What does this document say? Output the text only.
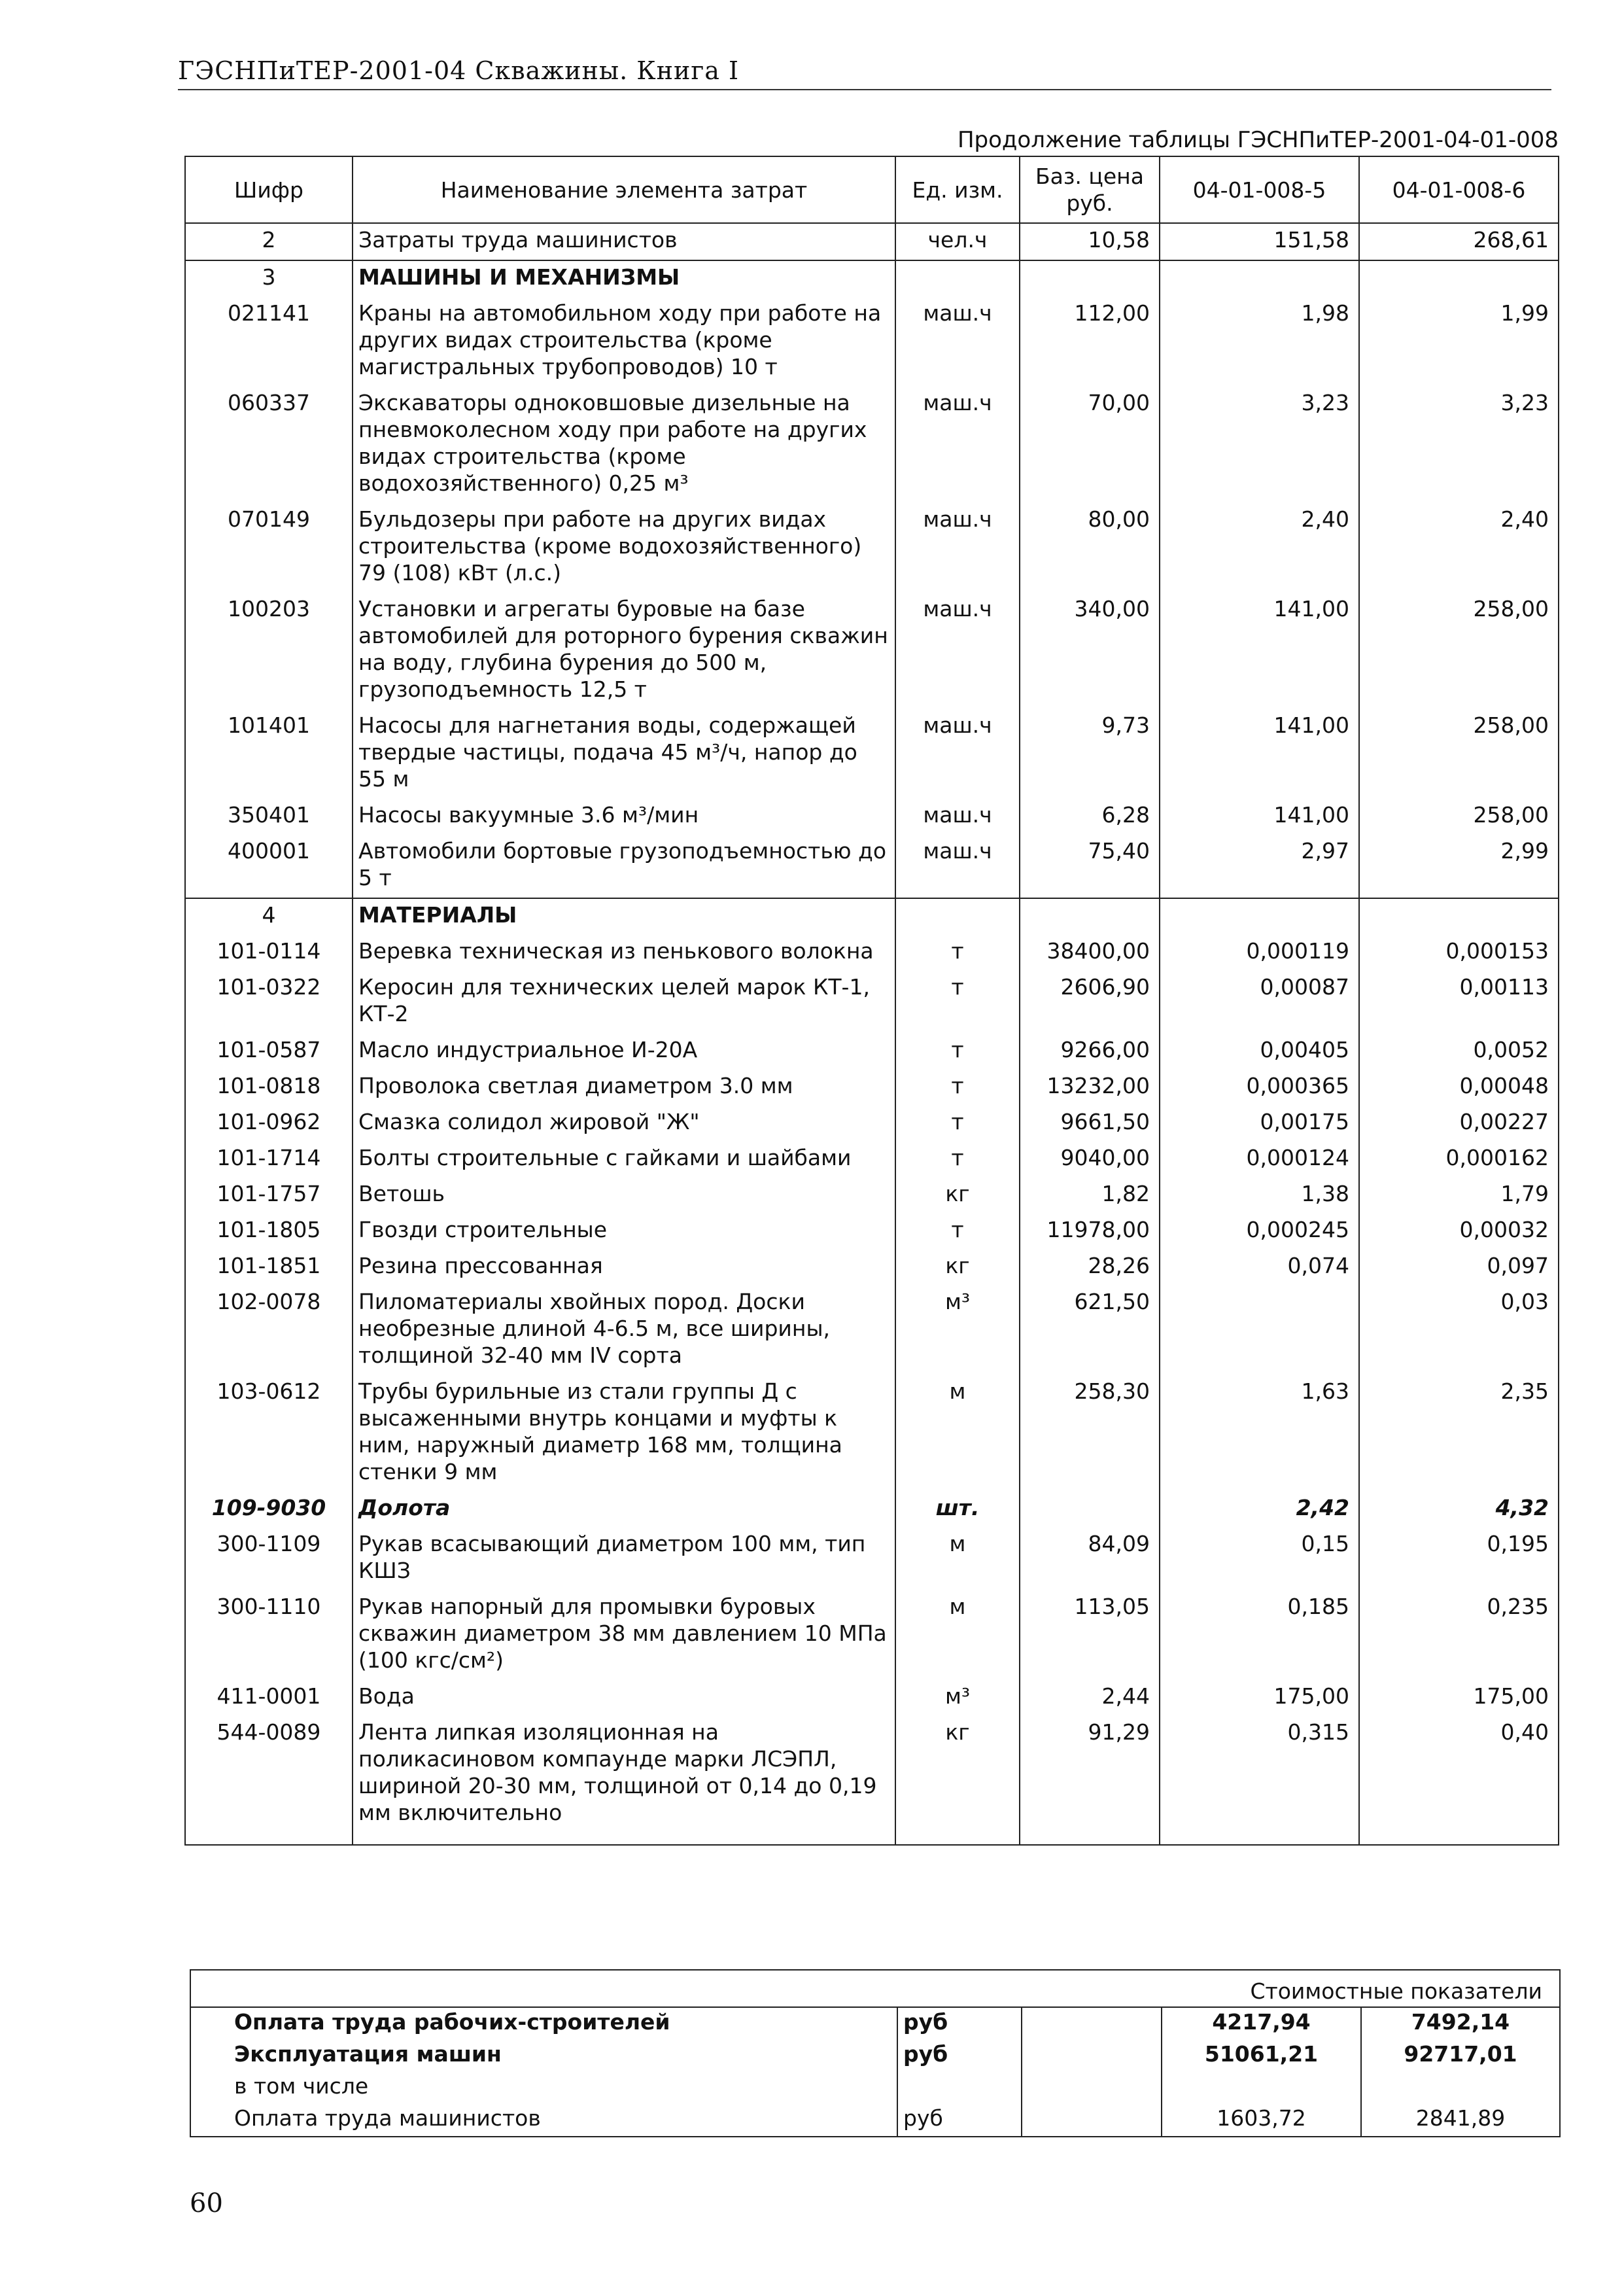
ГЭСНПиТЕР-2001-04 Скважины. Книга I
Продолжение таблицы ГЭСНПиТЕР-2001-04-01-008
Шифр	Наименование элемента затрат	Ед. изм.	Баз. цена руб.	04-01-008-5	04-01-008-6
2	Затраты труда машинистов	чел.ч	10,58	151,58	268,61
3	МАШИНЫ И МЕХАНИЗМЫ				
021141	Краны на автомобильном ходу при работе на других видах строительства (кроме магистральных трубопроводов) 10 т	маш.ч	112,00	1,98	1,99
060337	Экскаваторы одноковшовые дизельные на пневмоколесном ходу при работе на других видах строительства (кроме водохозяйственного) 0,25 м³	маш.ч	70,00	3,23	3,23
070149	Бульдозеры при работе на других видах строительства (кроме водохозяйственного) 79 (108) кВт (л.с.)	маш.ч	80,00	2,40	2,40
100203	Установки и агрегаты буровые на базе автомобилей для роторного бурения скважин на воду, глубина бурения до 500 м, грузоподъемность 12,5 т	маш.ч	340,00	141,00	258,00
101401	Насосы для нагнетания воды, содержащей твердые частицы, подача 45 м³/ч, напор до 55 м	маш.ч	9,73	141,00	258,00
350401	Насосы вакуумные 3.6 м³/мин	маш.ч	6,28	141,00	258,00
400001	Автомобили бортовые грузоподъемностью до 5 т	маш.ч	75,40	2,97	2,99
4	МАТЕРИАЛЫ				
101-0114	Веревка техническая из пенькового волокна	т	38400,00	0,000119	0,000153
101-0322	Керосин для технических целей марок КТ-1, КТ-2	т	2606,90	0,00087	0,00113
101-0587	Масло индустриальное И-20А	т	9266,00	0,00405	0,0052
101-0818	Проволока светлая диаметром 3.0 мм	т	13232,00	0,000365	0,00048
101-0962	Смазка солидол жировой "Ж"	т	9661,50	0,00175	0,00227
101-1714	Болты строительные с гайками и шайбами	т	9040,00	0,000124	0,000162
101-1757	Ветошь	кг	1,82	1,38	1,79
101-1805	Гвозди строительные	т	11978,00	0,000245	0,00032
101-1851	Резина прессованная	кг	28,26	0,074	0,097
102-0078	Пиломатериалы хвойных пород. Доски необрезные длиной 4-6.5 м, все ширины, толщиной 32-40 мм IV сорта	м³	621,50		0,03
103-0612	Трубы бурильные из стали группы Д с высаженными внутрь концами и муфты к ним, наружный диаметр 168 мм, толщина стенки 9 мм	м	258,30	1,63	2,35
109-9030	Долота	шт.		2,42	4,32
300-1109	Рукав всасывающий диаметром 100 мм, тип КШЗ	м	84,09	0,15	0,195
300-1110	Рукав напорный для промывки буровых скважин диаметром 38 мм давлением 10 МПа (100 кгс/см²)	м	113,05	0,185	0,235
411-0001	Вода	м³	2,44	175,00	175,00
544-0089	Лента липкая изоляционная на поликасиновом компаунде марки ЛСЭПЛ, шириной 20-30 мм, толщиной от 0,14 до 0,19 мм включительно	кг	91,29	0,315	0,40

Стоимостные показатели
Оплата труда рабочих-строителей	руб		4217,94	7492,14
Эксплуатация машин	руб		51061,21	92717,01
в том числе				
Оплата труда машинистов	руб		1603,72	2841,89
60
